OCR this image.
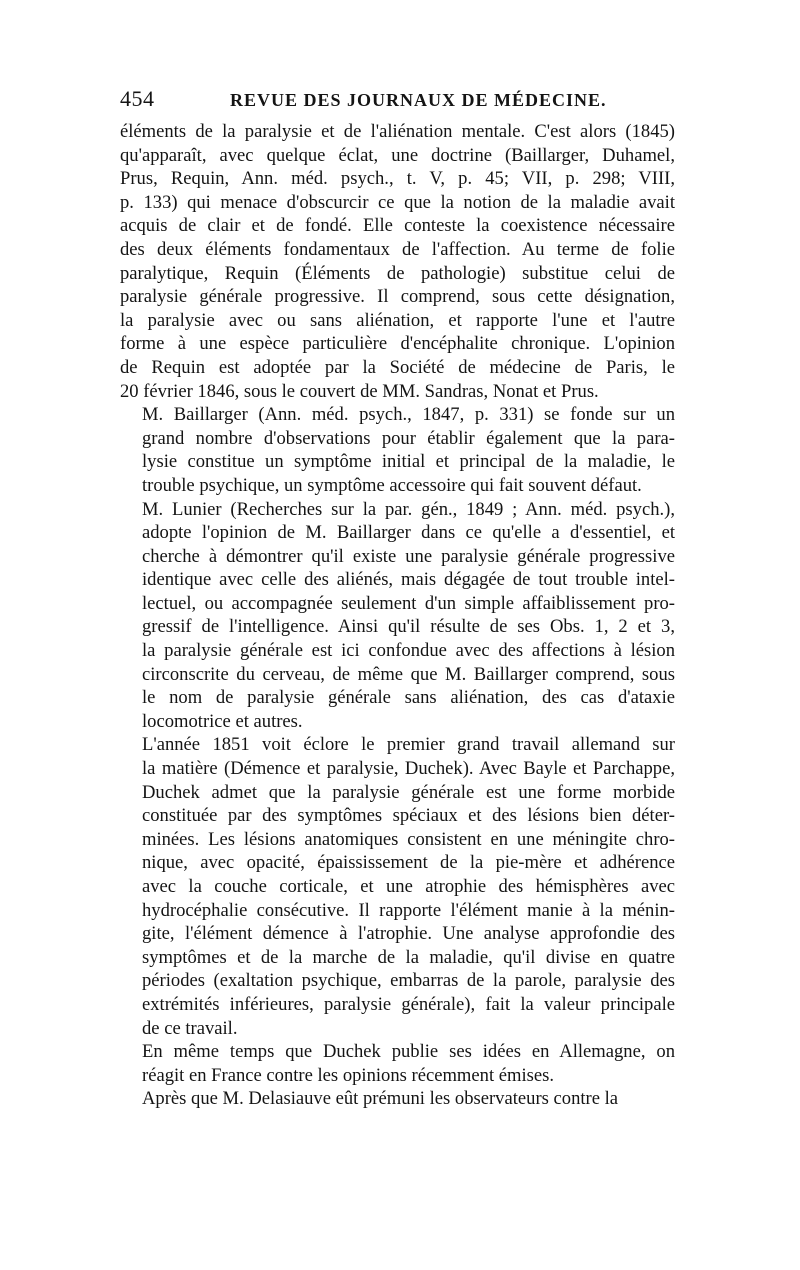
454	REVUE DES JOURNAUX DE MÉDECINE.
éléments de la paralysie et de l'aliénation mentale. C'est alors (1845)
qu'apparaît, avec quelque éclat, une doctrine (Baillarger, Duhamel,
Prus, Requin, Ann. méd. psych., t. V, p. 45; VII, p. 298; VIII,
p. 133) qui menace d'obscurcir ce que la notion de la maladie avait
acquis de clair et de fondé. Elle conteste la coexistence nécessaire
des deux éléments fondamentaux de l'affection. Au terme de folie
paralytique, Requin (Éléments de pathologie) substitue celui de
paralysie générale progressive. Il comprend, sous cette désignation,
la paralysie avec ou sans aliénation, et rapporte l'une et l'autre
forme à une espèce particulière d'encéphalite chronique. L'opinion
de Requin est adoptée par la Société de médecine de Paris, le
20 février 1846, sous le couvert de MM. Sandras, Nonat et Prus.
M. Baillarger (Ann. méd. psych., 1847, p. 331) se fonde sur un
grand nombre d'observations pour établir également que la para-
lysie constitue un symptôme initial et principal de la maladie, le
trouble psychique, un symptôme accessoire qui fait souvent défaut.
M. Lunier (Recherches sur la par. gén., 1849 ; Ann. méd. psych.),
adopte l'opinion de M. Baillarger dans ce qu'elle a d'essentiel, et
cherche à démontrer qu'il existe une paralysie générale progressive
identique avec celle des aliénés, mais dégagée de tout trouble intel-
lectuel, ou accompagnée seulement d'un simple affaiblissement pro-
gressif de l'intelligence. Ainsi qu'il résulte de ses Obs. 1, 2 et 3,
la paralysie générale est ici confondue avec des affections à lésion
circonscrite du cerveau, de même que M. Baillarger comprend, sous
le nom de paralysie générale sans aliénation, des cas d'ataxie
locomotrice et autres.
L'année 1851 voit éclore le premier grand travail allemand sur
la matière (Démence et paralysie, Duchek). Avec Bayle et Parchappe,
Duchek admet que la paralysie générale est une forme morbide
constituée par des symptômes spéciaux et des lésions bien déter-
minées. Les lésions anatomiques consistent en une méningite chro-
nique, avec opacité, épaississement de la pie-mère et adhérence
avec la couche corticale, et une atrophie des hémisphères avec
hydrocéphalie consécutive. Il rapporte l'élément manie à la ménin-
gite, l'élément démence à l'atrophie. Une analyse approfondie des
symptômes et de la marche de la maladie, qu'il divise en quatre
périodes (exaltation psychique, embarras de la parole, paralysie des
extrémités inférieures, paralysie générale), fait la valeur principale
de ce travail.
En même temps que Duchek publie ses idées en Allemagne, on
réagit en France contre les opinions récemment émises.
Après que M. Delasiauve eût prémuni les observateurs contre la
